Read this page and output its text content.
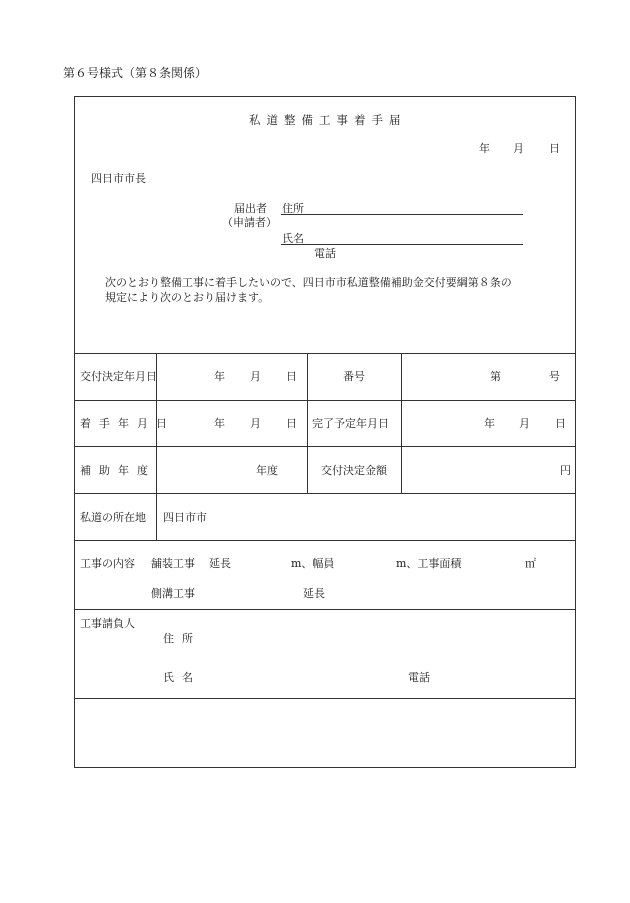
第６号様式（第８条関係）
私道整備工事着手届
年 月 日
四日市市長
届出者
（申請者）
住所
氏名
電話
次のとおり整備工事に着手したいので、四日市市私道整備補助金交付要綱第８条の
規定により次のとおり届けます。
交付決定年月日	年 月 日	番号	第	号
着手年月日	年 月 日 完了予定年月日	年 月 日
補助年度	年度	交付決定金額	円
私道の所在地 四日市市
工事の内容 舗装工事 延長	m、幅員	m、工事面積	㎡
側溝工事	延長
工事請負人
住所
氏名	電話
